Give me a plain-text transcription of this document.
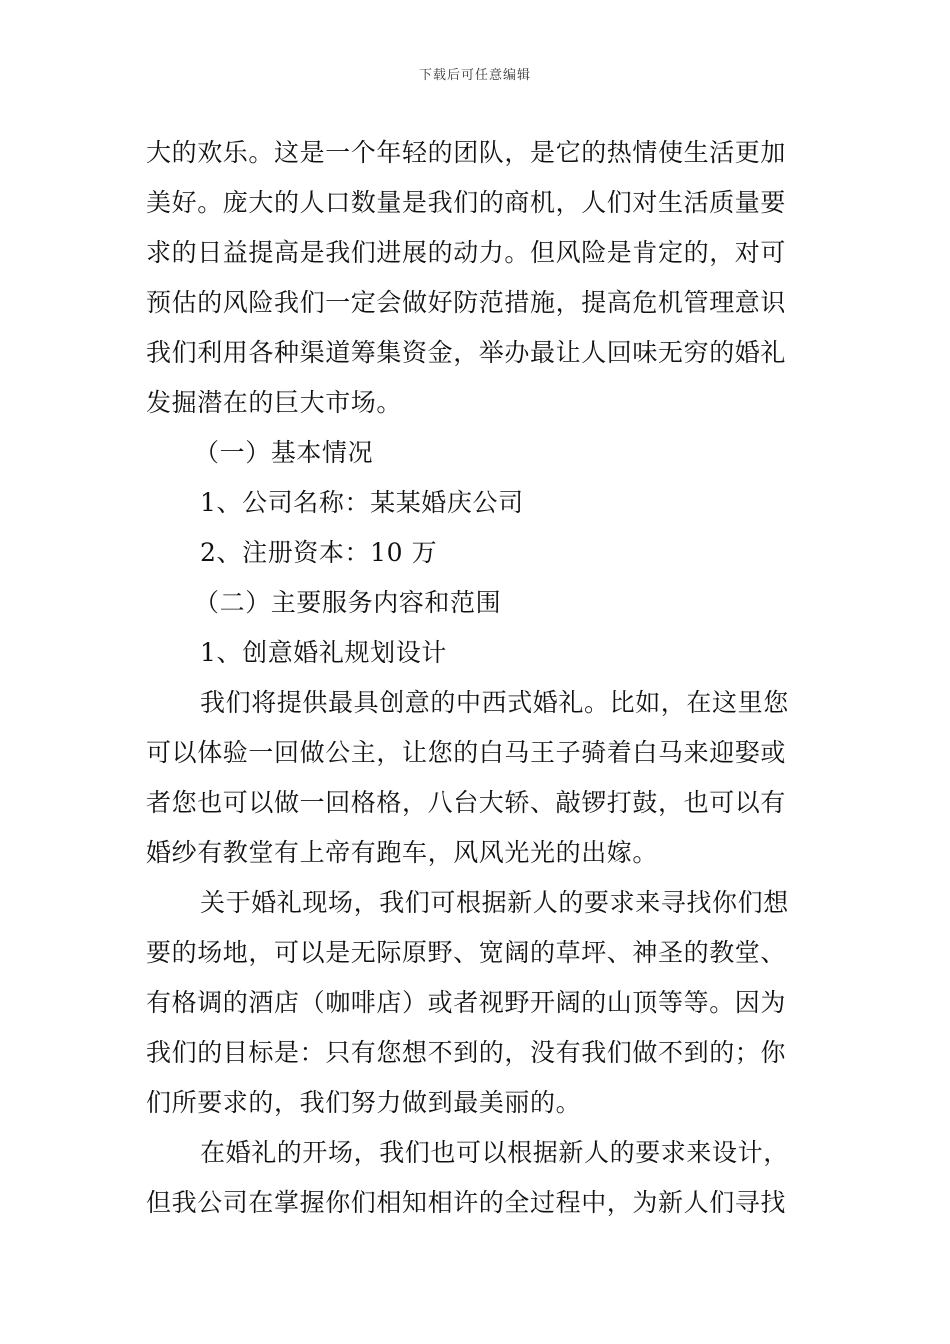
下载后可任意编辑
大的欢乐。这是一个年轻的团队，是它的热情使生活更加
美好。庞大的人口数量是我们的商机，人们对生活质量要
求的日益提高是我们进展的动力。但风险是肯定的，对可
预估的风险我们一定会做好防范措施，提高危机管理意识
我们利用各种渠道筹集资金，举办最让人回味无穷的婚礼
发掘潜在的巨大市场。
（一）基本情况
1、公司名称：某某婚庆公司
2、注册资本：10 万
（二）主要服务内容和范围
1、创意婚礼规划设计
我们将提供最具创意的中西式婚礼。比如，在这里您
可以体验一回做公主，让您的白马王子骑着白马来迎娶或
者您也可以做一回格格，八台大轿、敲锣打鼓，也可以有
婚纱有教堂有上帝有跑车，风风光光的出嫁。
关于婚礼现场，我们可根据新人的要求来寻找你们想
要的场地，可以是无际原野、宽阔的草坪、神圣的教堂、
有格调的酒店（咖啡店）或者视野开阔的山顶等等。因为
我们的目标是：只有您想不到的，没有我们做不到的；你
们所要求的，我们努力做到最美丽的。
在婚礼的开场，我们也可以根据新人的要求来设计，
但我公司在掌握你们相知相许的全过程中，为新人们寻找
